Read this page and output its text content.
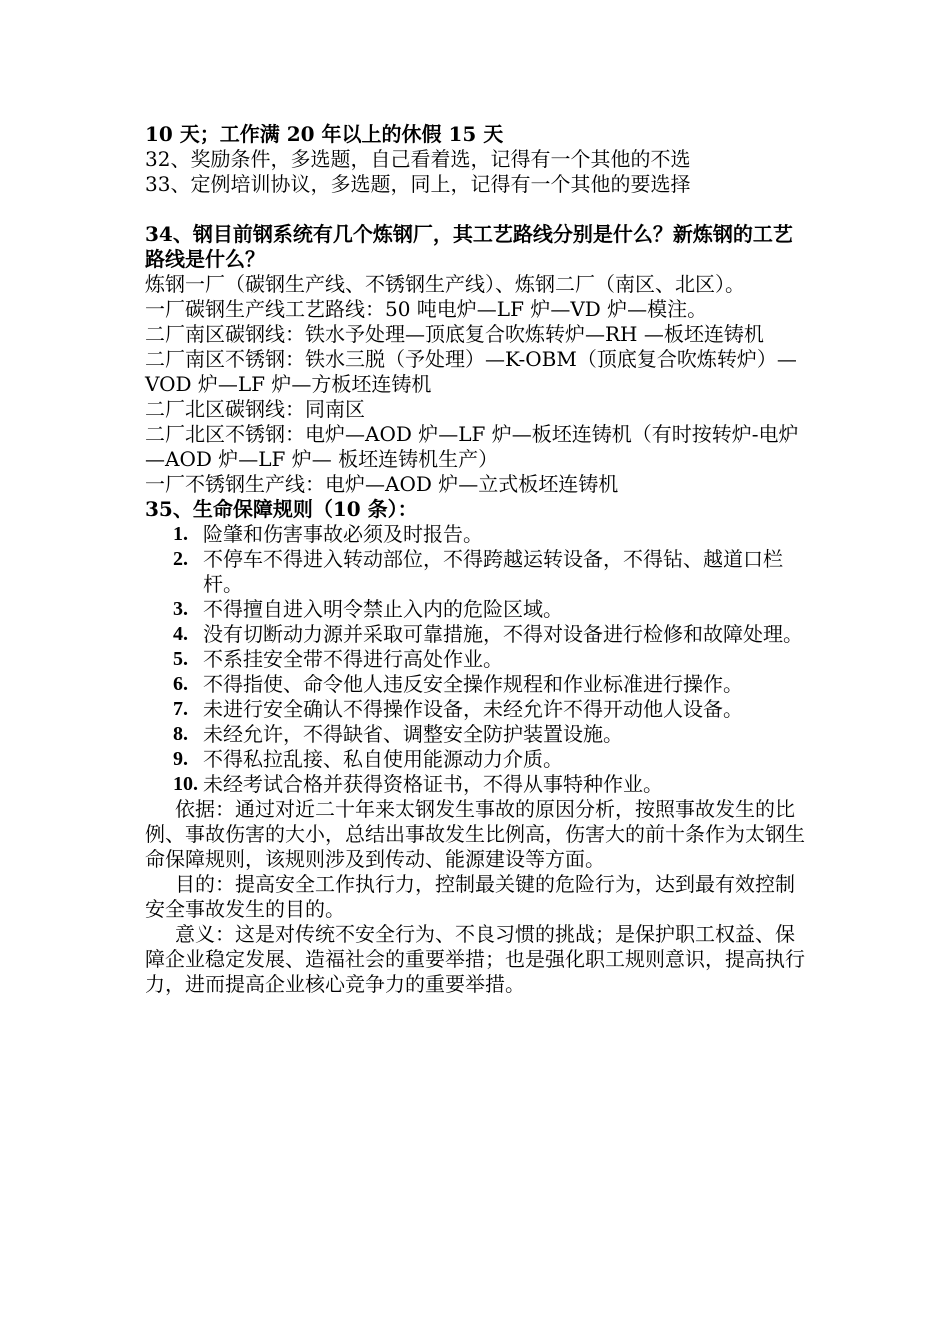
10 天；工作满 20 年以上的休假 15 天
32、奖励条件，多选题，自己看着选，记得有一个其他的不选
33、定例培训协议，多选题，同上，记得有一个其他的要选择
34、钢目前钢系统有几个炼钢厂，其工艺路线分别是什么？新炼钢的工艺路线是什么？
炼钢一厂（碳钢生产线、不锈钢生产线）、炼钢二厂（南区、北区）。
一厂碳钢生产线工艺路线：50 吨电炉—LF 炉—VD 炉—模注。
二厂南区碳钢线：铁水予处理—顶底复合吹炼转炉—RH —板坯连铸机
二厂南区不锈钢：铁水三脱（予处理）—K-OBM（顶底复合吹炼转炉）—VOD 炉—LF 炉—方板坯连铸机
二厂北区碳钢线：同南区
二厂北区不锈钢：电炉—AOD 炉—LF 炉—板坯连铸机（有时按转炉-电炉—AOD 炉—LF 炉— 板坯连铸机生产）
一厂不锈钢生产线：电炉—AOD 炉—立式板坯连铸机
35、生命保障规则（10 条）：
1. 险肇和伤害事故必须及时报告。
2. 不停车不得进入转动部位，不得跨越运转设备，不得钻、越道口栏杆。
3. 不得擅自进入明令禁止入内的危险区域。
4. 没有切断动力源并采取可靠措施，不得对设备进行检修和故障处理。
5. 不系挂安全带不得进行高处作业。
6. 不得指使、命令他人违反安全操作规程和作业标准进行操作。
7. 未进行安全确认不得操作设备，未经允许不得开动他人设备。
8. 未经允许，不得缺省、调整安全防护装置设施。
9. 不得私拉乱接、私自使用能源动力介质。
10. 未经考试合格并获得资格证书，不得从事特种作业。
依据：通过对近二十年来太钢发生事故的原因分析，按照事故发生的比例、事故伤害的大小，总结出事故发生比例高，伤害大的前十条作为太钢生命保障规则，该规则涉及到传动、能源建设等方面。
目的：提高安全工作执行力，控制最关键的危险行为，达到最有效控制安全事故发生的目的。
意义：这是对传统不安全行为、不良习惯的挑战；是保护职工权益、保障企业稳定发展、造福社会的重要举措；也是强化职工规则意识，提高执行力，进而提高企业核心竞争力的重要举措。
